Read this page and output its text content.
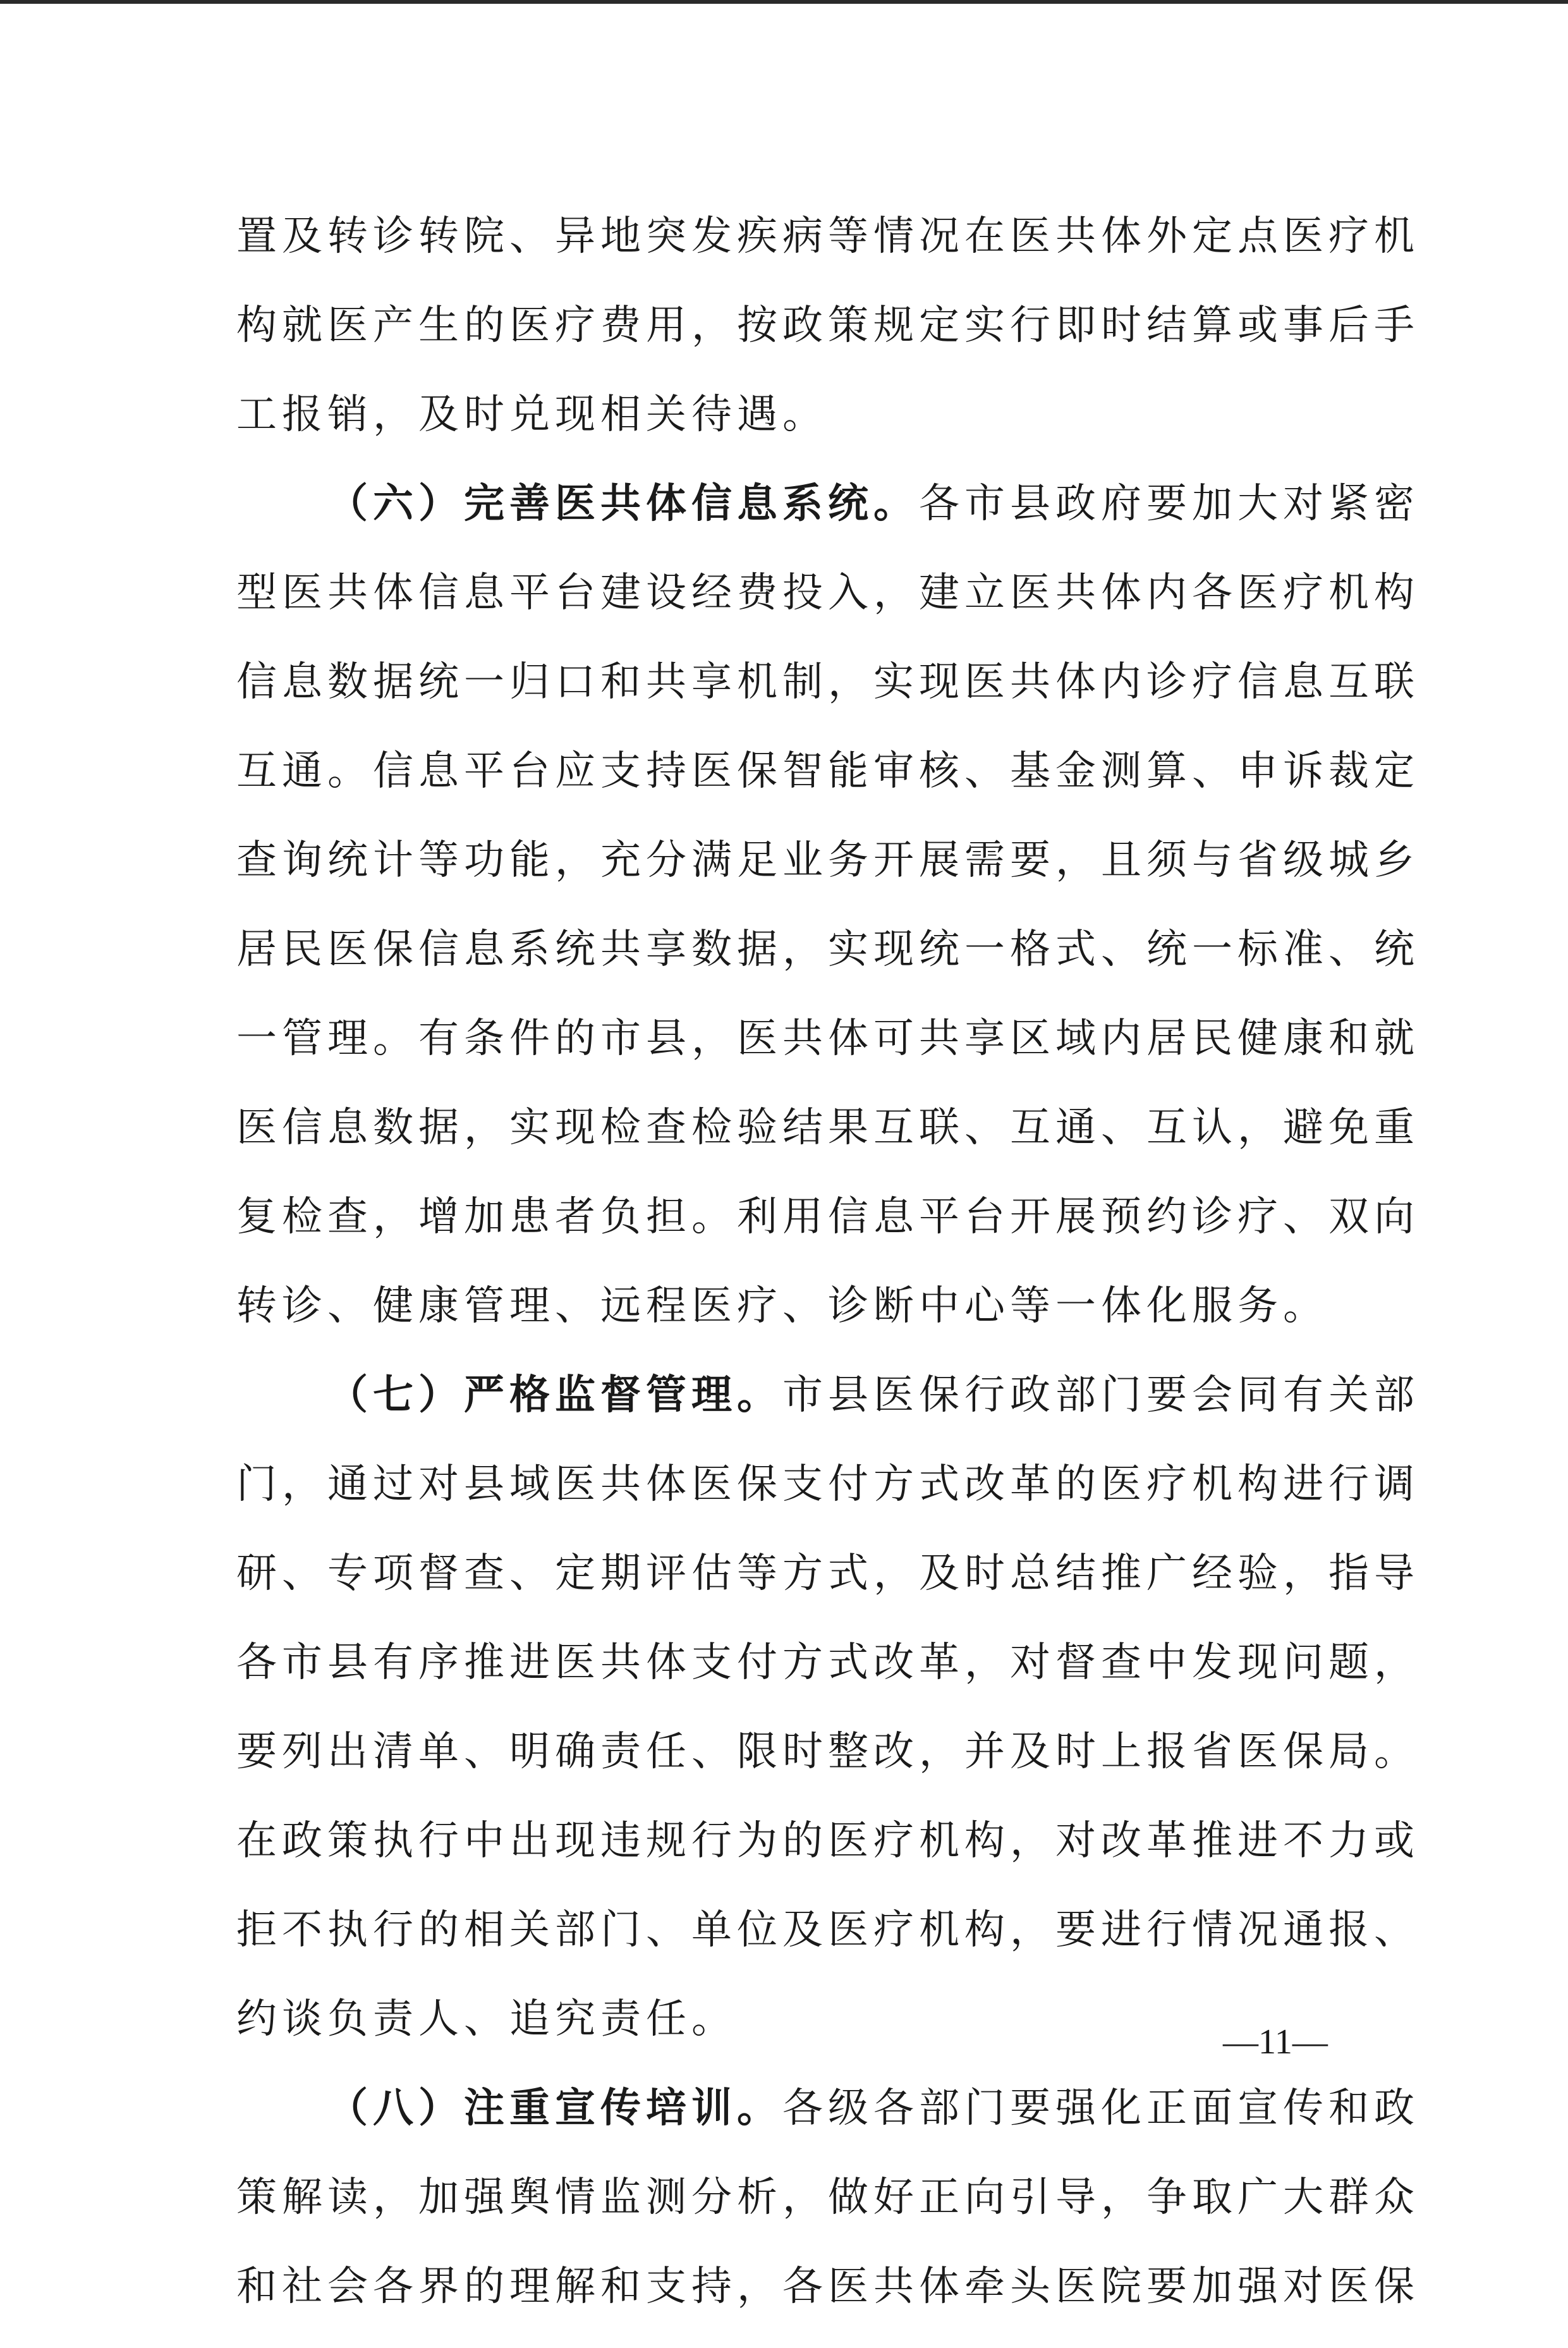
置及转诊转院、异地突发疾病等情况在医共体外定点医疗机
构就医产生的医疗费用，按政策规定实行即时结算或事后手
工报销，及时兑现相关待遇。
（六）完善医共体信息系统。各市县政府要加大对紧密
型医共体信息平台建设经费投入，建立医共体内各医疗机构
信息数据统一归口和共享机制，实现医共体内诊疗信息互联
互通。信息平台应支持医保智能审核、基金测算、申诉裁定
查询统计等功能，充分满足业务开展需要，且须与省级城乡
居民医保信息系统共享数据，实现统一格式、统一标准、统
一管理。有条件的市县，医共体可共享区域内居民健康和就
医信息数据，实现检查检验结果互联、互通、互认，避免重
复检查，增加患者负担。利用信息平台开展预约诊疗、双向
转诊、健康管理、远程医疗、诊断中心等一体化服务。
（七）严格监督管理。市县医保行政部门要会同有关部
门，通过对县域医共体医保支付方式改革的医疗机构进行调
研、专项督查、定期评估等方式，及时总结推广经验，指导
各市县有序推进医共体支付方式改革，对督查中发现问题，
要列出清单、明确责任、限时整改，并及时上报省医保局。
在政策执行中出现违规行为的医疗机构，对改革推进不力或
拒不执行的相关部门、单位及医疗机构，要进行情况通报、
约谈负责人、追究责任。
（八）注重宣传培训。各级各部门要强化正面宣传和政
策解读，加强舆情监测分析，做好正向引导，争取广大群众
和社会各界的理解和支持，各医共体牵头医院要加强对医保
—11—
